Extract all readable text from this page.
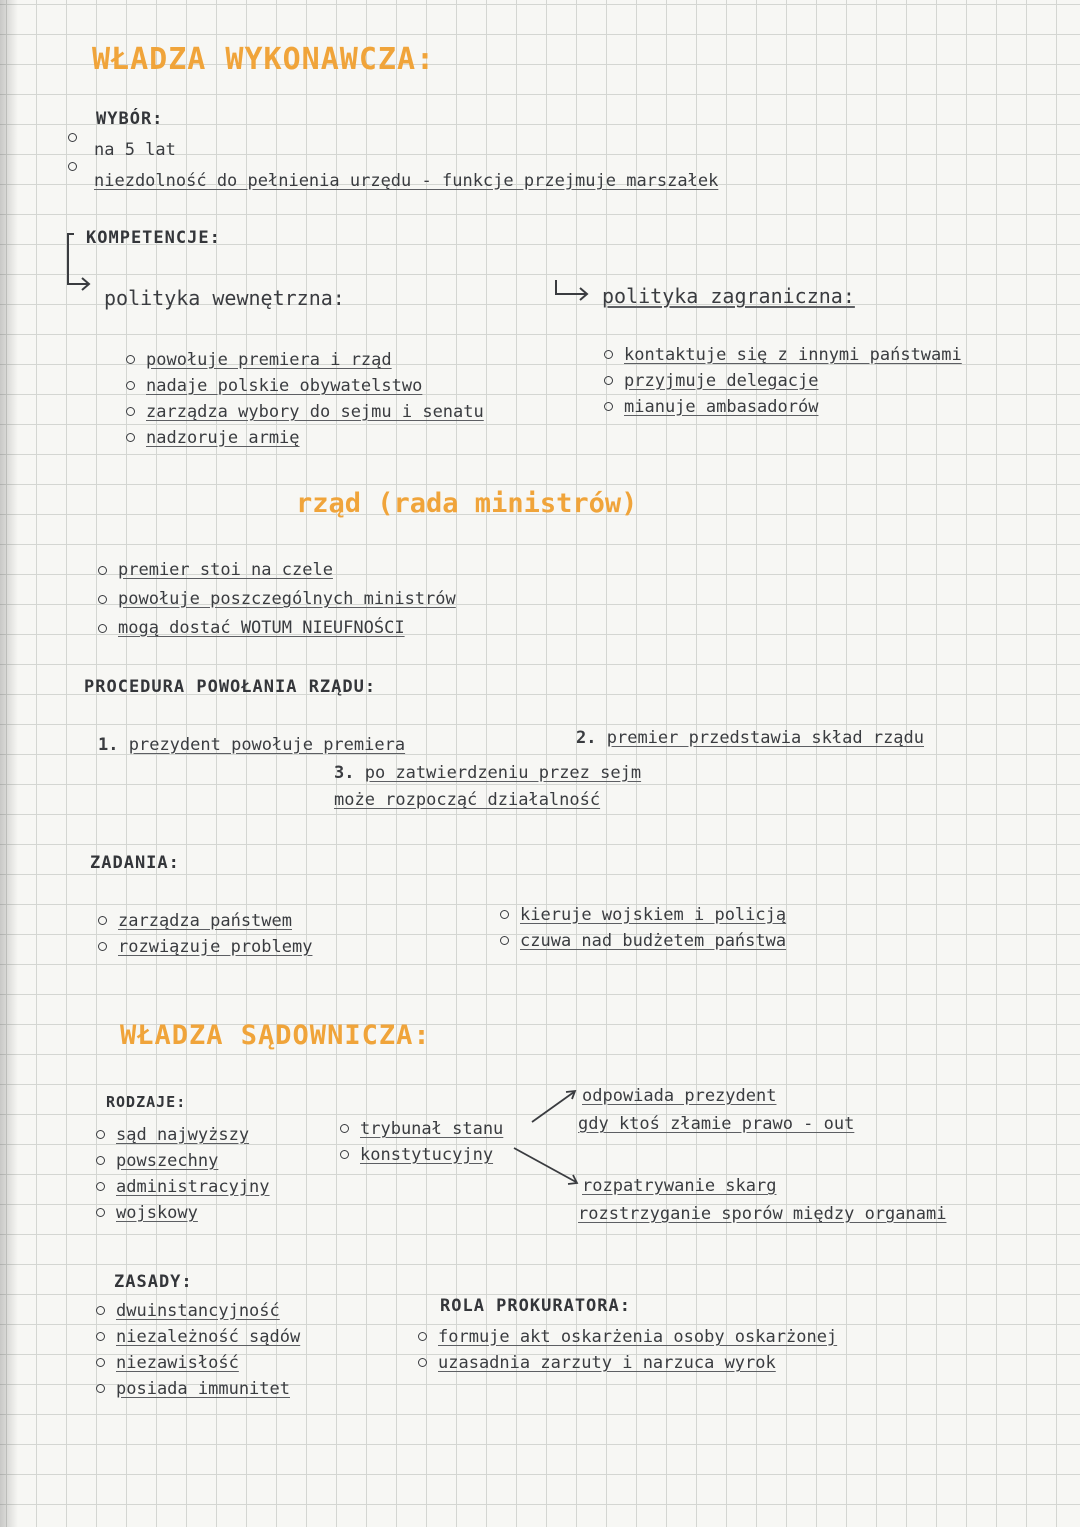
WŁADZA WYKONAWCZA:
WYBÓR:
na 5 lat
niezdolność do pełnienia urzędu - funkcje przejmuje marszałek
KOMPETENCJE:
polityka wewnętrzna:	polityka zagraniczna:
powołuje premiera i rząd
nadaje polskie obywatelstwo
zarządza wybory do sejmu i senatu
nadzoruje armię
kontaktuje się z innymi państwami
przyjmuje delegacje
mianuje ambasadorów
rząd (rada ministrów)
premier stoi na czele
powołuje poszczególnych ministrów
mogą dostać WOTUM NIEUFNOŚCI
PROCEDURA POWOŁANIA RZĄDU:
1. prezydent powołuje premiera	2. premier przedstawia skład rządu
3. po zatwierdzeniu przez sejm
może rozpocząć działalność
ZADANIA:
zarządza państwem
rozwiązuje problemy
kieruje wojskiem i policją
czuwa nad budżetem państwa
WŁADZA SĄDOWNICZA:
RODZAJE:
sąd najwyższy
powszechny
administracyjny
wojskowy
trybunał stanu
konstytucyjny
odpowiada prezydent
gdy ktoś złamie prawo - out
rozpatrywanie skarg
rozstrzyganie sporów między organami
ZASADY:
dwuinstancyjność
niezależność sądów
niezawisłość
posiada immunitet
ROLA PROKURATORA:
formuje akt oskarżenia osoby oskarżonej
uzasadnia zarzuty i narzuca wyrok
